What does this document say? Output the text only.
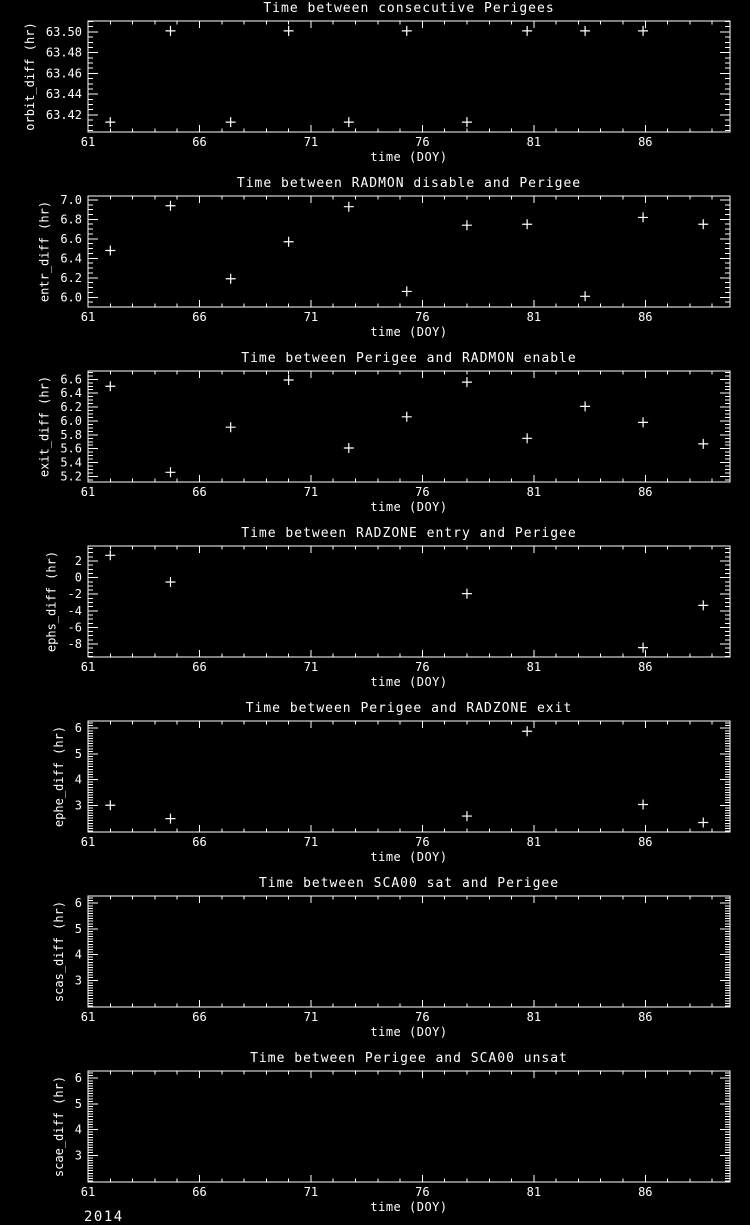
63.42
63.44
63.46
63.48
63.50
61	66	71	76	81	86
Time between consecutive Perigees
time (DOY)
orbit_diff (hr)
6.0
6.2
6.4
6.6
6.8
7.0
61	66	71	76	81	86
Time between RADMON disable and Perigee
time (DOY)
entr_diff (hr)
5.2
5.4
5.6
5.8
6.0
6.2
6.4
6.6
61	66	71	76	81	86
Time between Perigee and RADMON enable
time (DOY)
exit_diff (hr)
-8
-6
-4
-2
0
2
61	66	71	76	81	86
Time between RADZONE entry and Perigee
time (DOY)
ephs_diff (hr)
3
4
5
6
61	66	71	76	81	86
Time between Perigee and RADZONE exit
time (DOY)
ephe_diff (hr)
3
4
5
6
61	66	71	76	81	86
Time between SCA00 sat and Perigee
time (DOY)
scas_diff (hr)
3
4
5
6
61	66	71	76	81	86
Time between Perigee and SCA00 unsat
time (DOY)
scae_diff (hr)
2014
